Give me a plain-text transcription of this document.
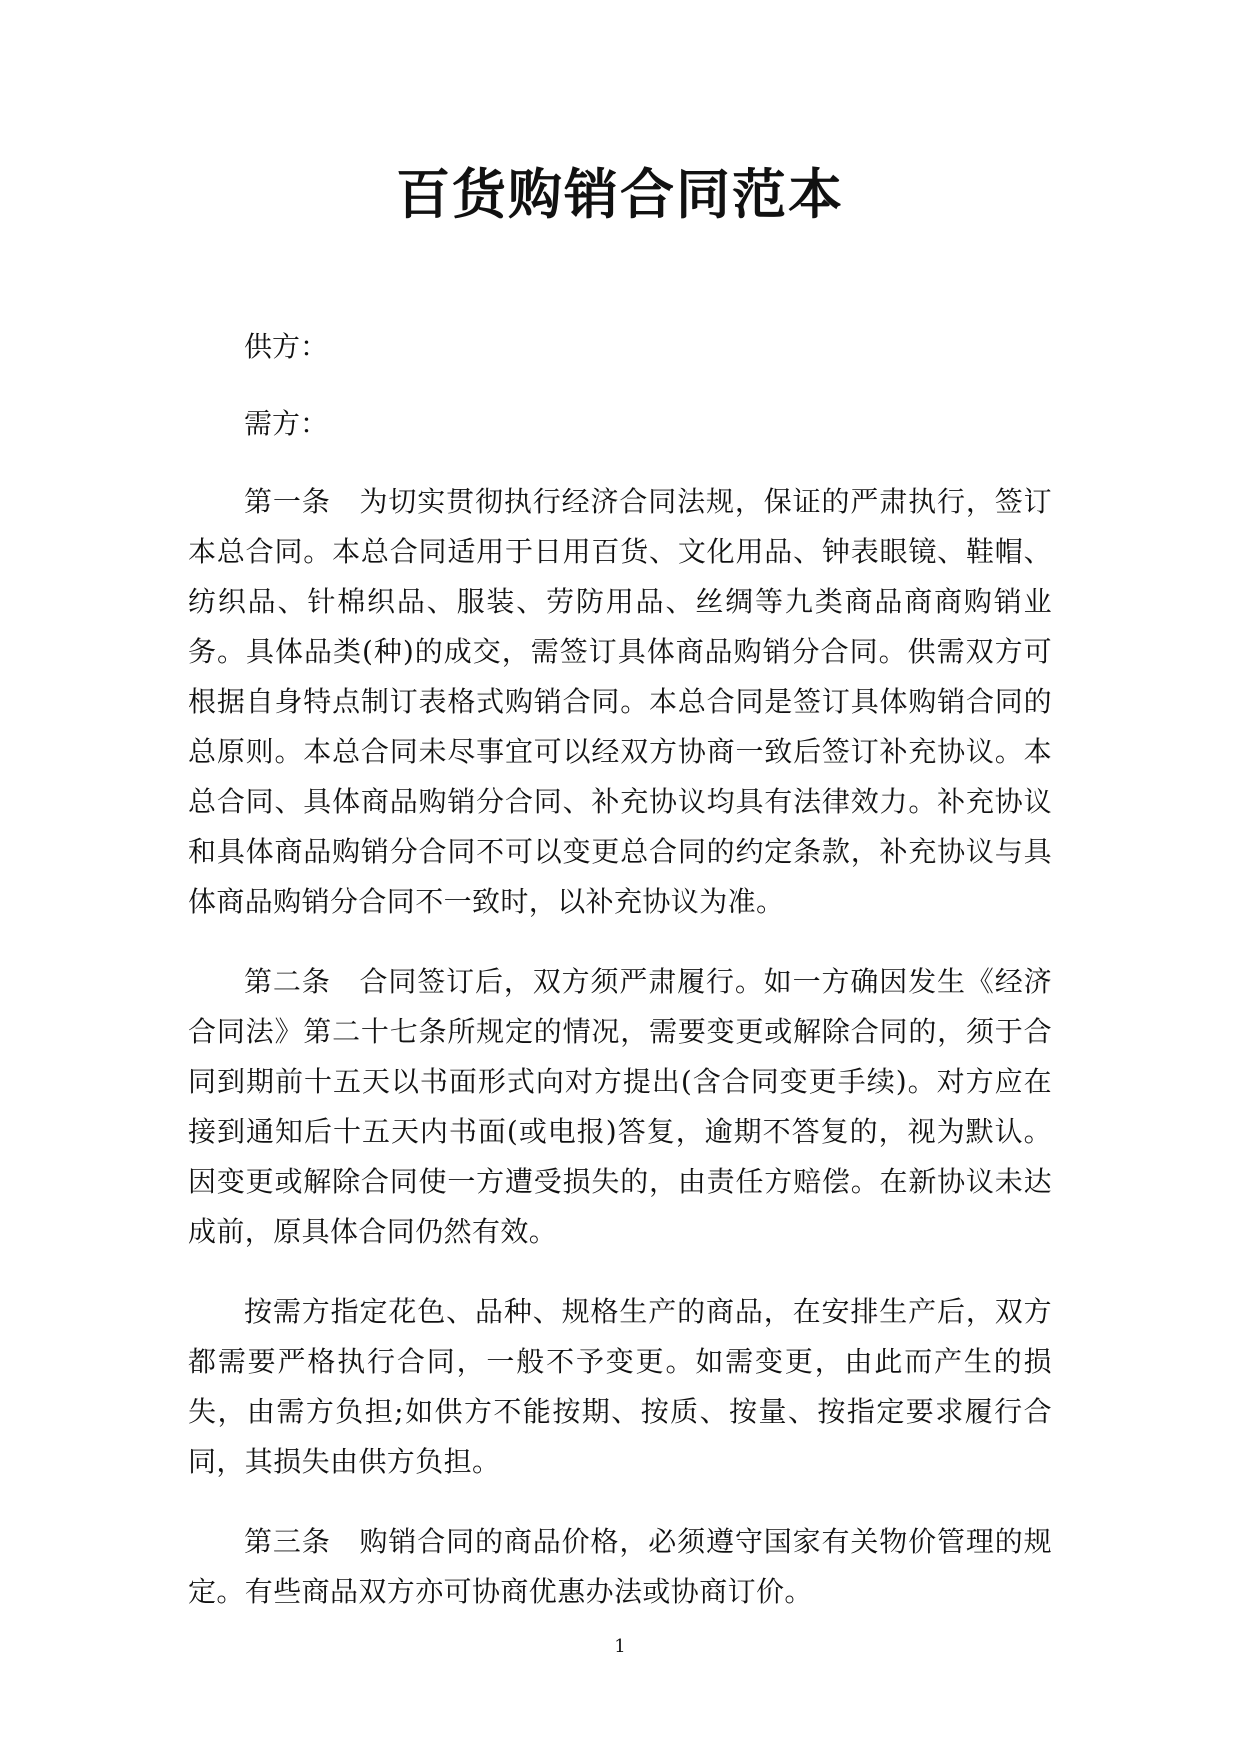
百货购销合同范本

供方：

需方：

第一条　为切实贯彻执行经济合同法规，保证的严肃执行，签订本总合同。本总合同适用于日用百货、文化用品、钟表眼镜、鞋帽、纺织品、针棉织品、服装、劳防用品、丝绸等九类商品商商购销业务。具体品类(种)的成交，需签订具体商品购销分合同。供需双方可根据自身特点制订表格式购销合同。本总合同是签订具体购销合同的总原则。本总合同未尽事宜可以经双方协商一致后签订补充协议。本总合同、具体商品购销分合同、补充协议均具有法律效力。补充协议和具体商品购销分合同不可以变更总合同的约定条款，补充协议与具体商品购销分合同不一致时，以补充协议为准。

第二条　合同签订后，双方须严肃履行。如一方确因发生《经济合同法》第二十七条所规定的情况，需要变更或解除合同的，须于合同到期前十五天以书面形式向对方提出(含合同变更手续)。对方应在接到通知后十五天内书面(或电报)答复，逾期不答复的，视为默认。因变更或解除合同使一方遭受损失的，由责任方赔偿。在新协议未达成前，原具体合同仍然有效。

按需方指定花色、品种、规格生产的商品，在安排生产后，双方都需要严格执行合同，一般不予变更。如需变更，由此而产生的损失，由需方负担;如供方不能按期、按质、按量、按指定要求履行合同，其损失由供方负担。

第三条　购销合同的商品价格，必须遵守国家有关物价管理的规定。有些商品双方亦可协商优惠办法或协商订价。

1
